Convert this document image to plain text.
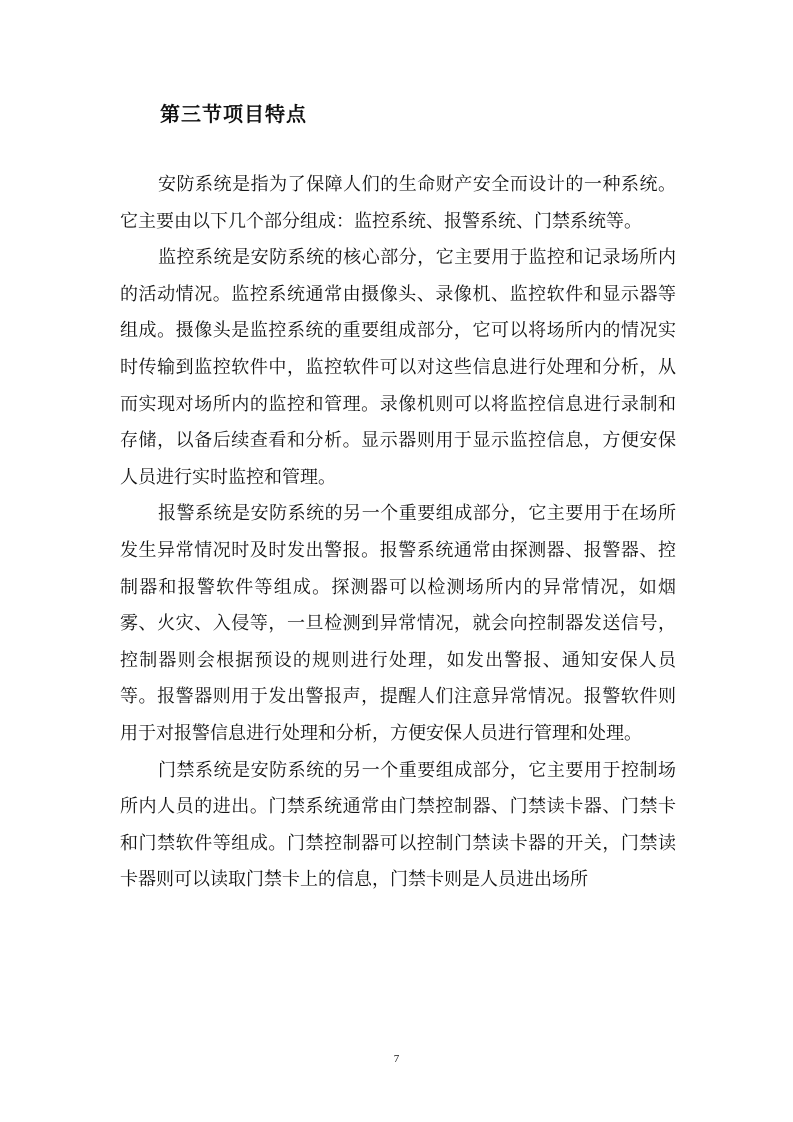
第三节项目特点

安防系统是指为了保障人们的生命财产安全而设计的一种系统。它主要由以下几个部分组成：监控系统、报警系统、门禁系统等。

监控系统是安防系统的核心部分，它主要用于监控和记录场所内的活动情况。监控系统通常由摄像头、录像机、监控软件和显示器等组成。摄像头是监控系统的重要组成部分，它可以将场所内的情况实时传输到监控软件中，监控软件可以对这些信息进行处理和分析，从而实现对场所内的监控和管理。录像机则可以将监控信息进行录制和存储，以备后续查看和分析。显示器则用于显示监控信息，方便安保人员进行实时监控和管理。

报警系统是安防系统的另一个重要组成部分，它主要用于在场所发生异常情况时及时发出警报。报警系统通常由探测器、报警器、控制器和报警软件等组成。探测器可以检测场所内的异常情况，如烟雾、火灾、入侵等，一旦检测到异常情况，就会向控制器发送信号，控制器则会根据预设的规则进行处理，如发出警报、通知安保人员等。报警器则用于发出警报声，提醒人们注意异常情况。报警软件则用于对报警信息进行处理和分析，方便安保人员进行管理和处理。

门禁系统是安防系统的另一个重要组成部分，它主要用于控制场所内人员的进出。门禁系统通常由门禁控制器、门禁读卡器、门禁卡和门禁软件等组成。门禁控制器可以控制门禁读卡器的开关，门禁读卡器则可以读取门禁卡上的信息，门禁卡则是人员进出场所

7
